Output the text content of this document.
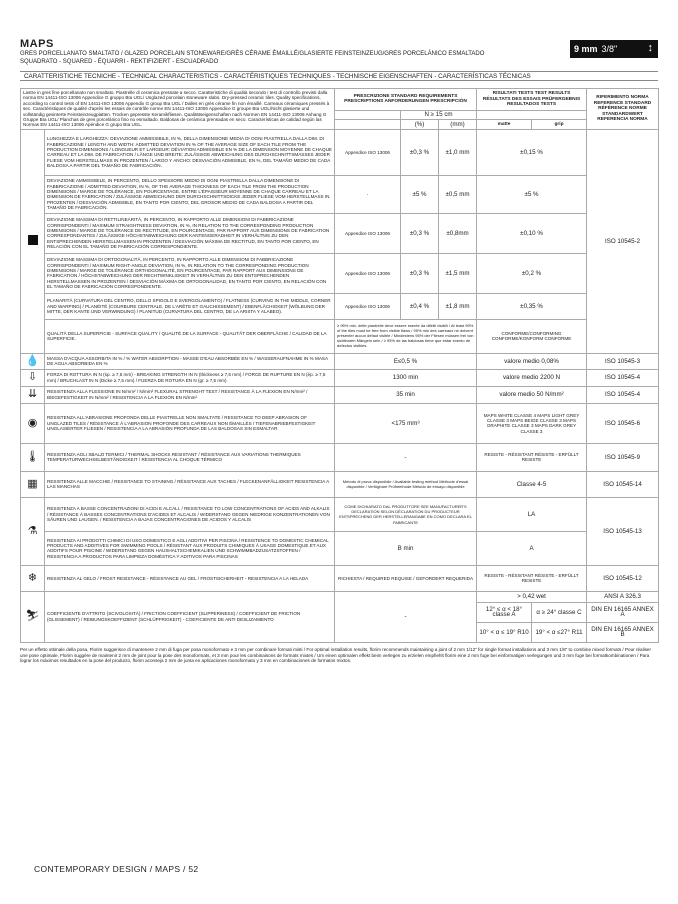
MAPS
GRES PORCELLANATO SMALTATO / GLAZED PORCELAIN STONEWARE/GRÈS CÉRAME ÉMAILLÉ/GLASIERTE FEINSTEINZEUG/GRES PORCELÁNICO ESMALTADO
SQUADRATO - SQUARED - ÉQUARRI - REKTIFIZIERT - ESCUADRADO
9 mm 3/8"	↕
CARATTERISTICHE TECNICHE - TECHNICAL CHARACTERISTICS - CARACTÉRISTIQUES TECHNIQUES - TECHNISCHE EIGENSCHAFTEN - CARACTERÍSTICAS TÉCNICAS
Lastre in gres fine porcellanato non smaltato. Piastrelle di ceramica pressate a secco. Caratteristiche di qualità secondo i test di controllo previsti dalla norma EN 14411-ISO 13006 Appendice G gruppo BIa UGL/ Unglazed porcelain stoneware slabs. Dry-pressed ceramic tiles. Quality specifications, according to control tests of EN 14411-ISO 13006 Appendix G group BIa UGL / Dalles en grès cérame fin non émaillé. Carreaux céramiques pressés à sec. Caractéristiques de qualité d'après les essais de contrôle norme EN 14411-ISO 13006 Appendice G groupe BIa UGL/Nicht glasierte und vollständig gesinterte Feinsteinzeugplatten. Trocken gepresste Keramikfliesen. Qualitätseigenschaften nach Normen EN 14411-ISO 13006 Anhang G Gruppe BIa UGL/ Planchas de gres porcelánico fino no esmaltado. Baldosas de cerámica prensadas en seco. Características de calidad según las Normas EN 14411-ISO 13006 Apéndice G grupo BIa UGL.		PRESCRIZIONE STANDARD REQUIREMENTS PRESCRIPTIONS ANFORDERUNGEN PRESCRIPCIÓN			RISULTATI TESTS TEST RESULTS RÉSULTATS DES ESSAIS PRÜFERGEBNIS RESULTADOS TESTS		RIFERIMENTO NORMA REFERENCE STANDARD RÉFÉRENCE NORME STANDARDWERT REFERENCIA NORMA
			N ≥ 15 cm				
			(%)	(mm)	matte	grip	
	LUNGHEZZA E LARGHEZZA: DEVIAZIONE AMMISSIBILE, IN %, DELLA DIMENSIONE MEDIA DI OGNI PIASTRELLA DALLA DIM. DI FABBRICAZIONE / LENGTH AND WIDTH: ADMITTED DEVIATION IN % OF THE AVERAGE SIZE OF EACH TILE FROM THE PRODUCTION DIMENSIONS / LONGUEUR ET LARGEUR: DÉVIATION ADMISSIBLE EN % DE LA DIMENSION MOYENNE DE CHAQUE CARREAU ET LA DIM. DE FABRICATION / LÄNGE UND BREITE: ZULÄSSIGE ABWEICHUNG DES DURCHSCHNITTSMASSES JEDER FLIESE VOM HERSTELLMASS IN PROZENTEN / LARGO Y ANCHO: DESVIACIÓN ADMISIBLE, EN %, DEL TAMAÑO MEDIO DE CADA BALDOSA A PARTIR DEL TAMAÑO DE FABRICACIÓN.	Appendice ISO 13006	±0,3 %	±1,0 mm	±0,15 %		ISO 10545-2
	DEVIAZIONE AMMISSIBILE, IN PERCENTO, DELLO SPESSORE MEDIO DI OGNI PIASTRELLA DALLA DIMENSIONE DI FABBRICAZIONE / ADMITTED DEVIATION, IN %, OF THE AVERAGE THICKNESS OF EACH TILE FROM THE PRODUCTION DIMENSIONS / MARGE DE TOLÉRANCE, EN POURCENTAGE, ENTRE L'ÉPAISSEUR MOYENNE DE CHAQUE CARREAU ET LA DIMENSION DE FABRICATION / ZULÄSSIGE ABWEICHUNG DER DURCHSCHNITTSDICKE JEDER FLIESE VOM HERSTELLMASS IN PROZENTEN / DESVIACIÓN ADMISIBLE, EN TANTO POR CIENTO, DEL GROSOR MEDIO DE CADA BALDOSA A PARTIR DEL TAMAÑO DE FABRICACIÓN.	-	±5 %	±0,5 mm	±5 %		
	DEVIAZIONE MASSIMA DI RETTILINEARITÀ, IN PERCENTO, IN RAPPORTO ALLE DIMENSIONI DI FABBRICAZIONE CORRISPONDENTI / MAXIMUM STRAIGHTNESS DEVIATION, IN %, IN RELATION TO THE CORRESPONDING PRODUCTION DIMENSIONS / MARGE DE TOLÉRANCE DE RECTITUDE, EN POURCENTAGE, PAR RAPPORT AUX DIMENSIONS DE FABRICATION CORRESPONDANTES / ZULÄSSIGE HÖCHSTABWEICHUNG DER KANTENGERADHEIT IN VERHÄLTNIS ZU DEN ENTSPRECHENDEN HERSTELLMASSEN IN PROZENTEN / DESVIACIÓN MÁXIMA DE RECTITUD, EN TANTO POR CIENTO, EN RELACIÓN CON EL TAMAÑO DE FABRICACIÓN CORRESPONDIENTE.	Appendice ISO 13006	±0,3 %	±0,8mm	±0,10 %		
	DEVIAZIONE MASSIMA DI ORTOGONALITÀ, IN PERCENTO, IN RAPPORTO ALLE DIMENSIONI DI FABBRICAZIONE CORRISPONDENTI / MAXIMUM RIGHT-ANGLE DEVIATION, IN %, IN RELATION TO THE CORRESPONDING PRODUCTION DIMENSIONS / MARGE DE TOLÉRANCE ORTHOGONALITÉ, EN POURCENTAGE, PAR RAPPORT AUX DIMENSIONS DE FABRICATION / HÖCHSTABWEICHUNG DER RECHTWINKLIGKEIT IN VERHÄLTNIS ZU DEN ENTSPRECHENDEN HERSTELLMASSEN IN PROZENTEN / DESVIACIÓN MÁXIMA DE ORTOGONALIDAD, EN TANTO POR CIENTO, EN RELACIÓN CON EL TAMAÑO DE FABRICACIÓN CORRESPONDIENTE.	Appendice ISO 13006	±0,3 %	±1,5 mm	±0,2 %		
	PLANARITÀ (CURVATURA DEL CENTRO, DELLO SPIGOLO E SVERGOLAMENTO) / FLATNESS (CURVING IN THE MIDDLE, CORNER AND WARPING) / PLANÉITÉ (COURBURE CENTRALE, DE L'ARÊTE ET GAUCHISSEMENT) / EBENFLÄCHIGKEIT (WÖLBUNG DER MITTE, DER KANTE UND VERWINDUNG) / PLANITUD (CURVATURA DEL CENTRO, DE LA ARISTA Y ALABEO).	Appendice ISO 13006	±0,4 %	±1,8 mm	±0,35 %		
	QUALITÀ DELLA SUPERFICIE - SURFACE QUALITY / QUALITÉ DE LA SURFACE - QUALITÄT DER OBERFLÄCHE / CALIDAD DE LA SUPERFICIE.	≥ 95% min. delle piastrelle deve essere esente da difetti visibili / At least 95% of the tiles must be free from visible flaws / 95% min des carreaux ne doivent présenter aucun défaut visible / Mindestens 95% der Fliesen müssen frei von sichtbaren Mängeln sein / ≥ 95% de las baldosas tiene que estar exento de defectos visibles.			CONFORME/CONFORMING CONFORME/KONFORM CONFORME		
💧	MASSA D'ACQUA ASSORBITA IN % / % WATER ABSORPTION - MASSE D'EAU ABSORBÉE EN % / WASSERAUFNAHME IN % MASA DE AGUA ABSORBIDA EN %	E≤0,5 %			valore medio 0,08%		ISO 10545-3
⇩	FORZA DI ROTTURA IN N (sp. ≥ 7,5 mm) - BREAKING STRENGTH IN N (thickness ≥ 7,5 mm) / FORCE DE RUPTURE EN N (ép. ≥ 7,5 mm) / BRUCHLAST IN N (Dicke ≥ 7,5 mm) / FUERZA DE ROTURA EN N (gr. ≥ 7,5 mm)	1300 min			valore medio 2200 N		ISO 10545-4
⇊	RESISTENZA ALLA FLESSIONE IN N/mm² / N/mm² FLEXURAL STRENGHT TEST / RESISTANCE À LA FLEXION EN N/mm² / BIEGEFESTIGKEIT IN N/mm² / RESISTENCIA A LA FLEXIÓN EN N/mm²	35 min			valore medio 50 N/mm²		ISO 10545-4
◉	RESISTENZA ALL'ABRASIONE PROFONDA DELLE PIASTRELLE NON SMALTATE / RESISTANCE TO DEEP ABRASION OF UNGLAZED TILES / RÉSISTANCE À L'ABRASION PROFONDE DES CARREAUX NON ÉMAILLÉS / TIEFENABRIEBFESTIGKEIT UNGLASIERTER FLIESEN / RESISTENCIA A LA ABRASIÓN PROFUNDA DE LAS BALDOSAS SIN ESMALTAR	<175 mm³			MAPS WHITE CLASSE 4 MAPS LIGHT GREY CLASSE 3 MAPS BEIGE CLASSE 3 MAPS GRAPHITE CLASSE 3 MAPS DARK GREY CLASSE 3		ISO 10545-6
🌡	RESISTENZA AGLI SBALZI TERMICI / THERMAL SHOCKS RESISTANT / RÉSISTANCE AUX VARIATIONS THERMIQUES TEMPERATURWECHSELBESTÄNDIGKEIT / RESISTENCIA AL CHOQUE TÉRMICO	-			RESISTE - RÉSISTANT RÉSISTE - ERFÜLLT RESISTE		ISO 10545-9
▦	RESISTENZA ALLE MACCHIE / RESISTANCE TO STAINING / RÉSISTANCE AUX TACHES / FLECKENANFÄLLIGKEIT RESISTENCIA A LAS MANCHAS	Metodo di prova disponibile / Available testing method Méthode d'essai disponible / Verfügbare Prüfmethode Método de ensayo disponible			Classe 4-5		ISO 10545-14
⚗	RESISTENZA A BASSE CONCENTRAZIONI DI ACIDI E ALCALI. / RESISTANCE TO LOW CONCENTRATIONS OF ACIDS AND ALKALIS / RÉSISTANCE À BASSES CONCENTRATIONS D'ACIDES ET ALCALIS / WIDERSTAND GEGEN NIEDRIGE KONZENTRATIONEN VON SÄUREN UND LAUGEN. / RESISTENCIA A BAJAS CONCENTRACIONES DE ACIDOS Y ALCALIS	COME DICHIARATO DAL PRODUTTORE SEE MANUFACTURER'S DECLARATION SELON DÉCLARATION DU PRODUCTEUR ENTSPRECHEND DER HERSTELLERANGABE EN COMO DECLARA EL FABRICANTE			LA		ISO 10545-13
	RESISTENZA AI PRODOTTI CHIMICI DI USO DOMESTICO E AGLI ADDITIVI PER PISCINA / RESISTENCE TO DOMESTIC CHEMICAL PRODUCTS AND ADDITIVES FOR SWIMMING POOLS / RÉSISTANT AUX PRODUITS CHIMIQUES À USAGE DOMESTIQUE ET AUX ADDITIFS POUR PISCINE / WIDERSTAND GEGEN HAUSHALTSCHEMIKALIEN UND SCHWIMMBADZUSATZSTOFFEN / RESISTENCIA A PRODUCTOS PARA LIMPIEZA DOMÉSTICA Y ADITIVOS PARA PISCINAS	B min			A		
❄	RESISTENZA AL GELO / FROST RESISTANCE - RÉSISTANCE AU GEL / FROSTSICHERHEIT - RESISTENCIA A LA HELADA	RICHIESTA / REQUIRED REQUISE / GEFORDERT REQUERIDA			RESISTE - RÉSISTANT RÉSISTE - ERFÜLLT RESISTE		ISO 10545-12
⛷	COEFFICIENTE D'ATTRITO (SCIVOLOSITÀ) / FRICTION COEFFICIENT (SLIPPERINESS) / COEFFICIENT DE FRICTION (GLISSEMENT) / REIBUNGSKOEFFIZIENT (SCHLÜPFRIGKEIT) - COEFICIENTE DE ANTI DESLIZAMIENTO	-			> 0,42 wet		ANSI A 326.3
					12° ≤ α < 18° classe A	α ≥ 24° classe C	DIN EN 16165 ANNEX A
					10° < α ≤ 19° R10	19° < α ≤27° R11	DIN EN 16165 ANNEX B
Per un effetto ottimale della posa, Florim suggerisce di mantenere 2 mm di fuga per posa monoformato e 3 mm per combinare formati misti / For optimal installation results, florim recommends maintaining a joint of 2 mm 1/12" for single format installations and 3 mm 1/8" to combine mixed formats / Pour réaliser une pose optimale, Florim suggère de maintenir 2 mm de joint pour la pose des monoformats, et 3 mm pour les combinaisons de formats mixtes / Um einen optimalen effekt beim verlegen zu erzielen empfiehlt florim eine 2 mm fuge bei einformatigen verlegungen und 3 mm fuge bei formatkombinationen / Para lograr los máximos resultados en la pose del producto, florim aconseja 2 mm de junta en aplicaciones monoformato y 3 mm en combinaciones de formatos mixtos.
CONTEMPORARY DESIGN / MAPS / 52
